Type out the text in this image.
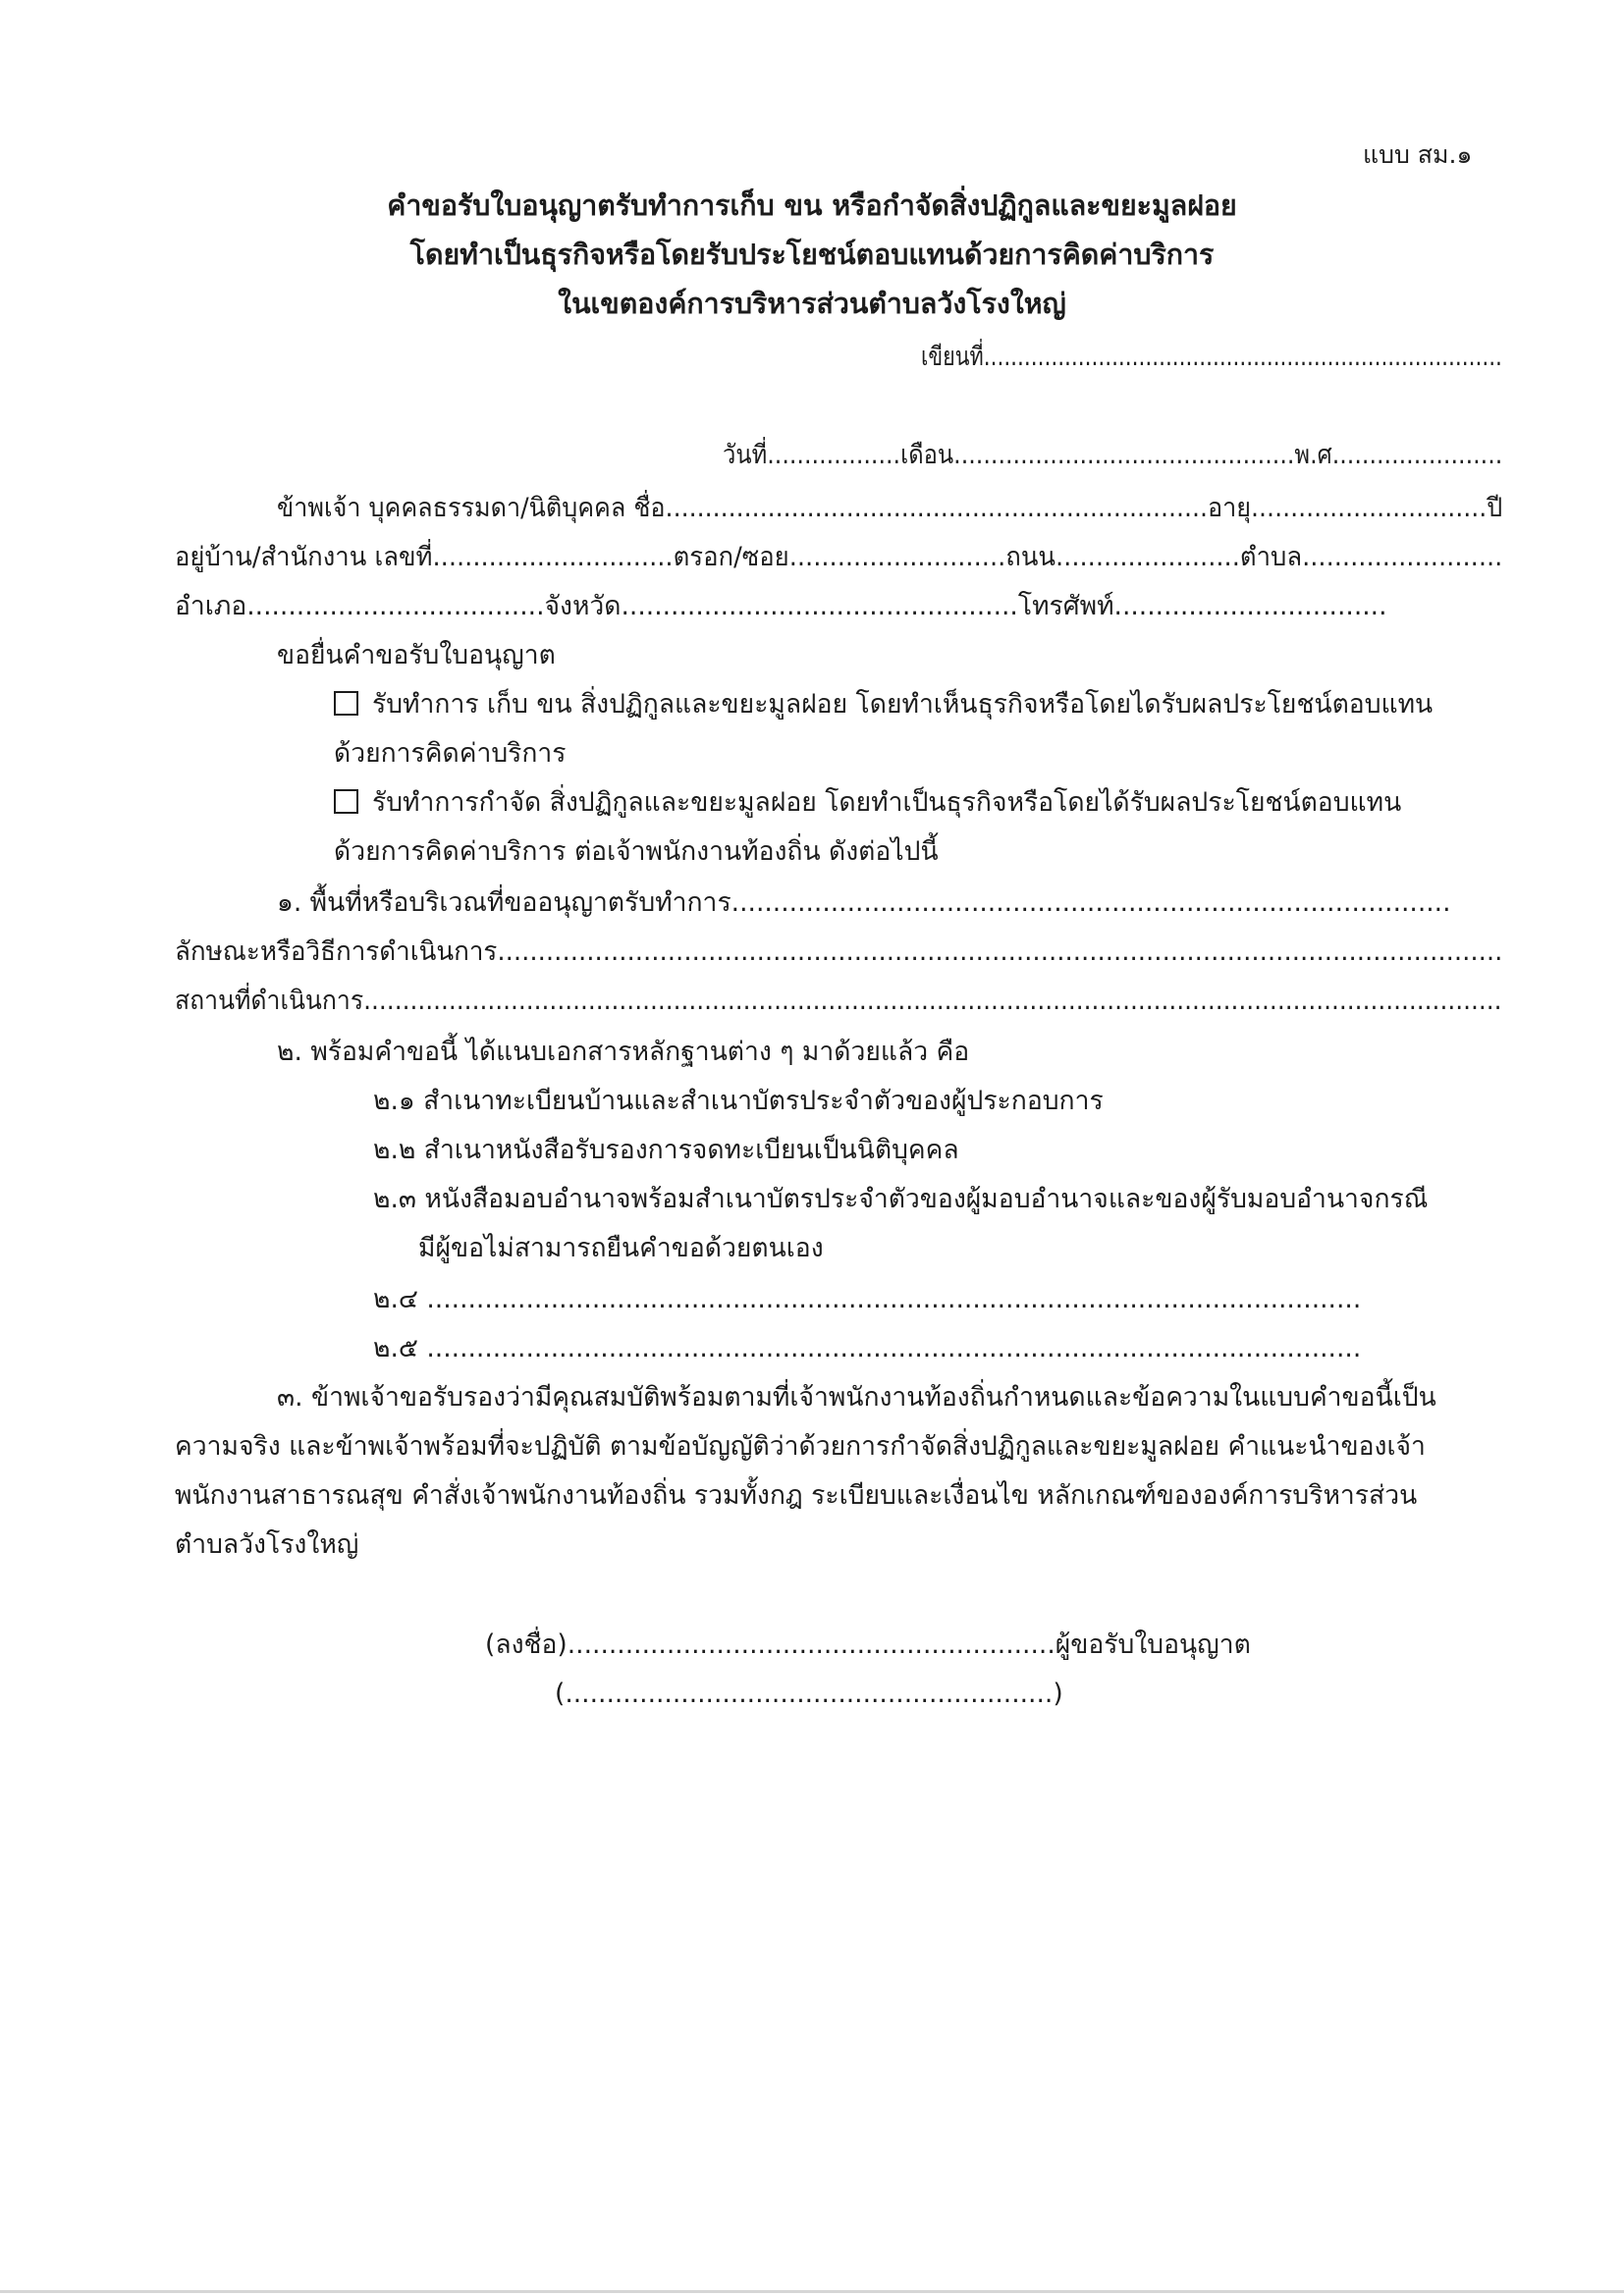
แบบ สม.๑
คำขอรับใบอนุญาตรับทำการเก็บ ขน หรือกำจัดสิ่งปฏิกูลและขยะมูลฝอย
โดยทำเป็นธุรกิจหรือโดยรับประโยชน์ตอบแทนด้วยการคิดค่าบริการ
ในเขตองค์การบริหารส่วนตำบลวังโรงใหญ่
เขียนที่.............................................................................
วันที่..................เดือน..............................................พ.ศ.......................
ข้าพเจ้า บุคคลธรรมดา/นิติบุคคล ชื่อ.....................................................................อายุ..............................ปี
อยู่บ้าน/สำนักงาน เลขที่..............................ตรอก/ซอย...........................ถนน.......................ตำบล.........................
อำเภอ....................................จังหวัด................................................โทรศัพท์.................................
ขอยื่นคำขอรับใบอนุญาต
รับทำการ เก็บ ขน สิ่งปฏิกูลและขยะมูลฝอย โดยทำเห็นธุรกิจหรือโดยไดรับผลประโยชน์ตอบแทน
ด้วยการคิดค่าบริการ
รับทำการกำจัด สิ่งปฏิกูลและขยะมูลฝอย โดยทำเป็นธุรกิจหรือโดยได้รับผลประโยชน์ตอบแทน
ด้วยการคิดค่าบริการ ต่อเจ้าพนักงานท้องถิ่น ดังต่อไปนี้
๑. พื้นที่หรือบริเวณที่ขออนุญาตรับทำการ.......................................................................................
ลักษณะหรือวิธีการดำเนินการ............................................................................................................................
สถานที่ดำเนินการ...................................................................................................................................................
๒. พร้อมคำขอนี้ ได้แนบเอกสารหลักฐานต่าง ๆ มาด้วยแล้ว คือ
๒.๑ สำเนาทะเบียนบ้านและสำเนาบัตรประจำตัวของผู้ประกอบการ
๒.๒ สำเนาหนังสือรับรองการจดทะเบียนเป็นนิติบุคคล
๒.๓ หนังสือมอบอำนาจพร้อมสำเนาบัตรประจำตัวของผู้มอบอำนาจและของผู้รับมอบอำนาจกรณี
มีผู้ขอไม่สามารถยืนคำขอด้วยตนเอง
๒.๔ .................................................................................................................
๒.๕ .................................................................................................................
๓. ข้าพเจ้าขอรับรองว่ามีคุณสมบัติพร้อมตามที่เจ้าพนักงานท้องถิ่นกำหนดและข้อความในแบบคำขอนี้เป็น
ความจริง และข้าพเจ้าพร้อมที่จะปฏิบัติ ตามข้อบัญญัติว่าด้วยการกำจัดสิ่งปฏิกูลและขยะมูลฝอย คำแนะนำของเจ้า
พนักงานสาธารณสุข คำสั่งเจ้าพนักงานท้องถิ่น รวมทั้งกฎ ระเบียบและเงื่อนไข หลักเกณฑ์ขององค์การบริหารส่วน
ตำบลวังโรงใหญ่
(ลงชื่อ)...........................................................ผู้ขอรับใบอนุญาต
(...........................................................)
